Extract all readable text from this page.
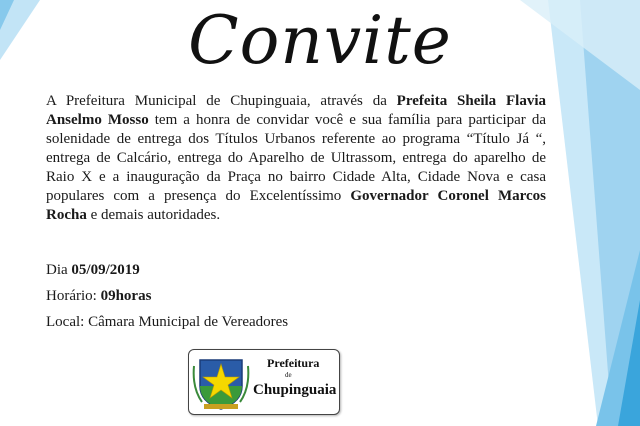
Convite

A Prefeitura Municipal de Chupinguaia, através da Prefeita Sheila Flavia Anselmo Mosso tem a honra de convidar você e sua família para participar da solenidade de entrega dos Títulos Urbanos referente ao programa “Título Já “, entrega de Calcário, entrega do Aparelho de Ultrassom, entrega do aparelho de Raio X e a inauguração da Praça no bairro Cidade Alta, Cidade Nova e casa populares com a presença do Excelentíssimo Governador Coronel Marcos Rocha e demais autoridades.

Dia 05/09/2019

Horário: 09horas

Local: Câmara Municipal de Vereadores

Prefeitura
de
Chupinguaia
